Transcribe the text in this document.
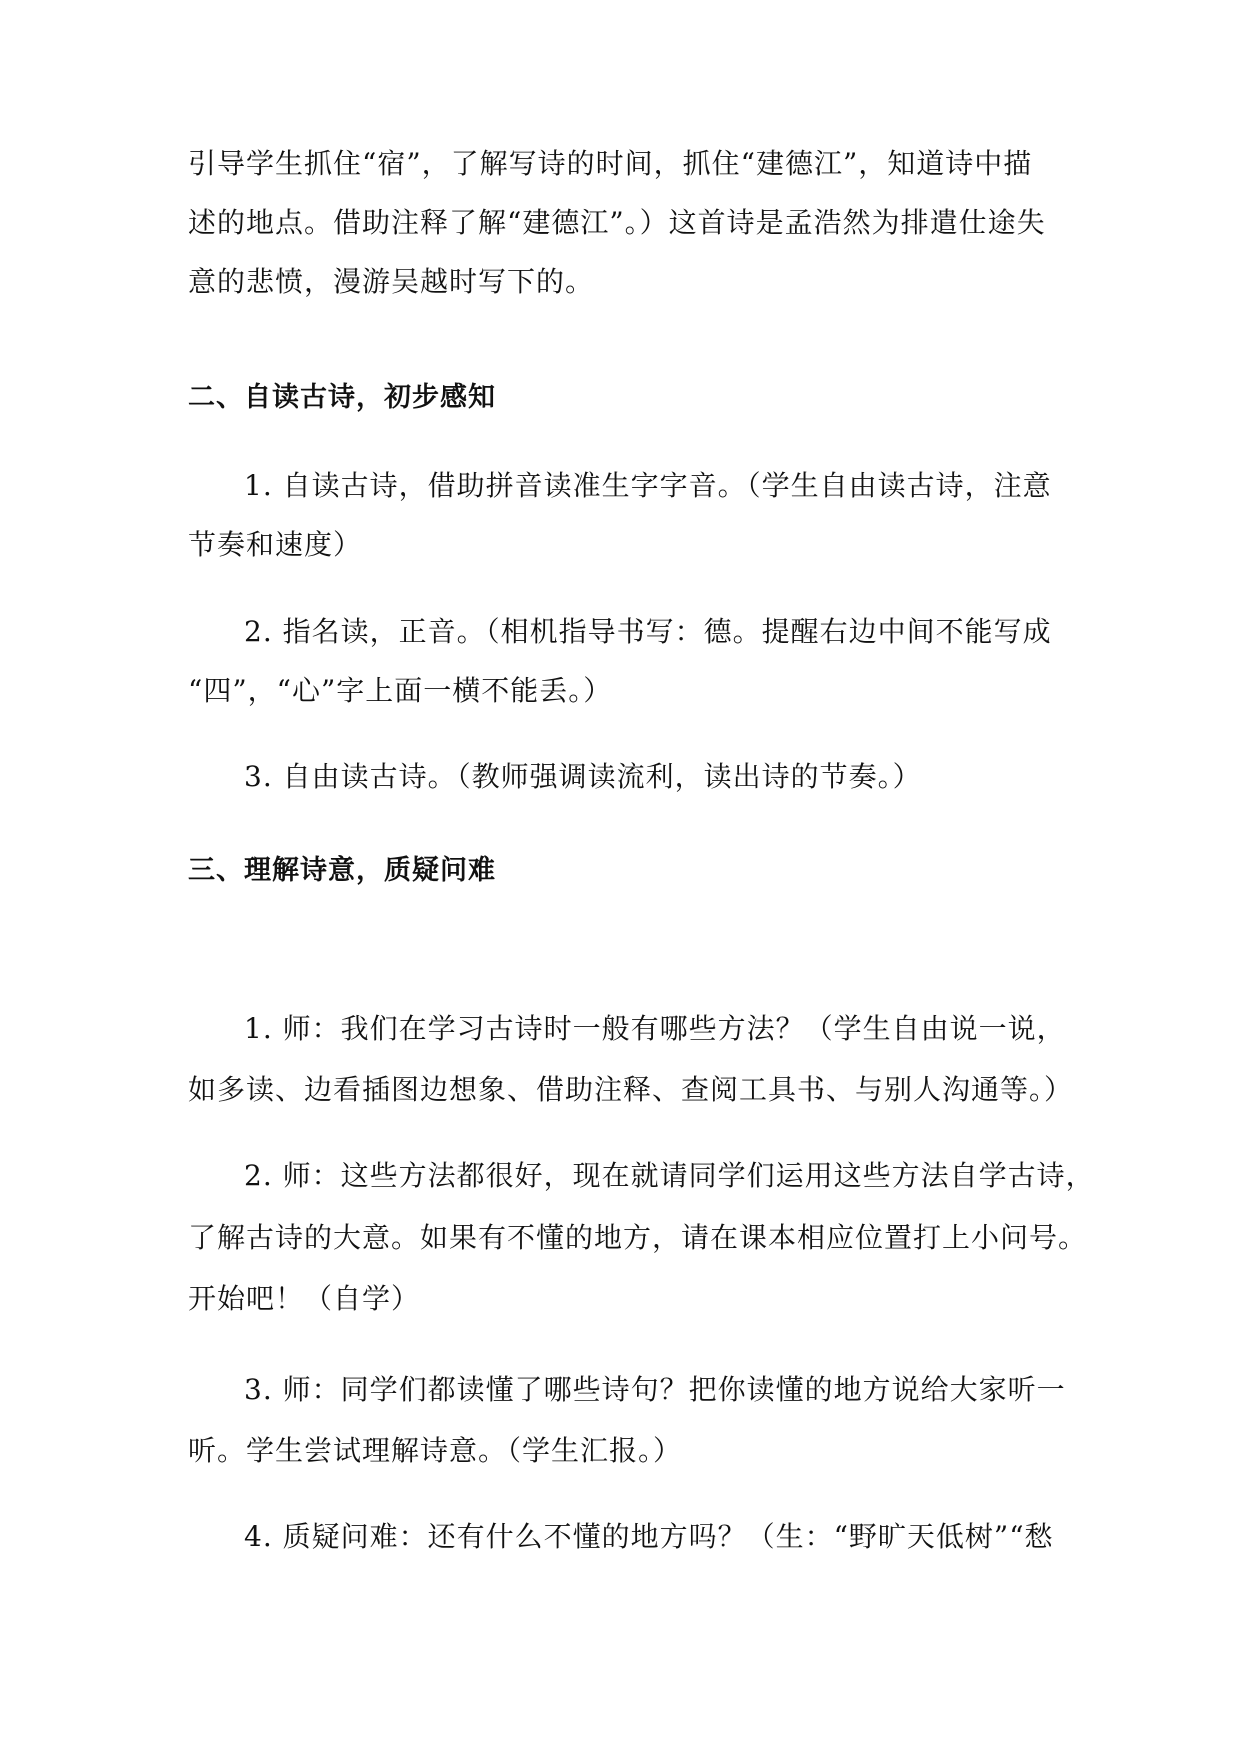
引导学生抓住“宿”，了解写诗的时间，抓住“建德江”，知道诗中描
述的地点。借助注释了解“建德江”。）这首诗是孟浩然为排遣仕途失
意的悲愤，漫游吴越时写下的。
二、自读古诗，初步感知
1. 自读古诗，借助拼音读准生字字音。（学生自由读古诗，注意
节奏和速度）
2. 指名读，正音。（相机指导书写：德。提醒右边中间不能写成
“四”，“心”字上面一横不能丢。）
3. 自由读古诗。（教师强调读流利，读出诗的节奏。）
三、理解诗意，质疑问难
1. 师：我们在学习古诗时一般有哪些方法？（学生自由说一说，
如多读、边看插图边想象、借助注释、查阅工具书、与别人沟通等。）
2. 师：这些方法都很好，现在就请同学们运用这些方法自学古诗，
了解古诗的大意。如果有不懂的地方，请在课本相应位置打上小问号。
开始吧！（自学）
3. 师：同学们都读懂了哪些诗句？把你读懂的地方说给大家听一
听。学生尝试理解诗意。（学生汇报。）
4. 质疑问难：还有什么不懂的地方吗？（生：“野旷天低树”“愁
